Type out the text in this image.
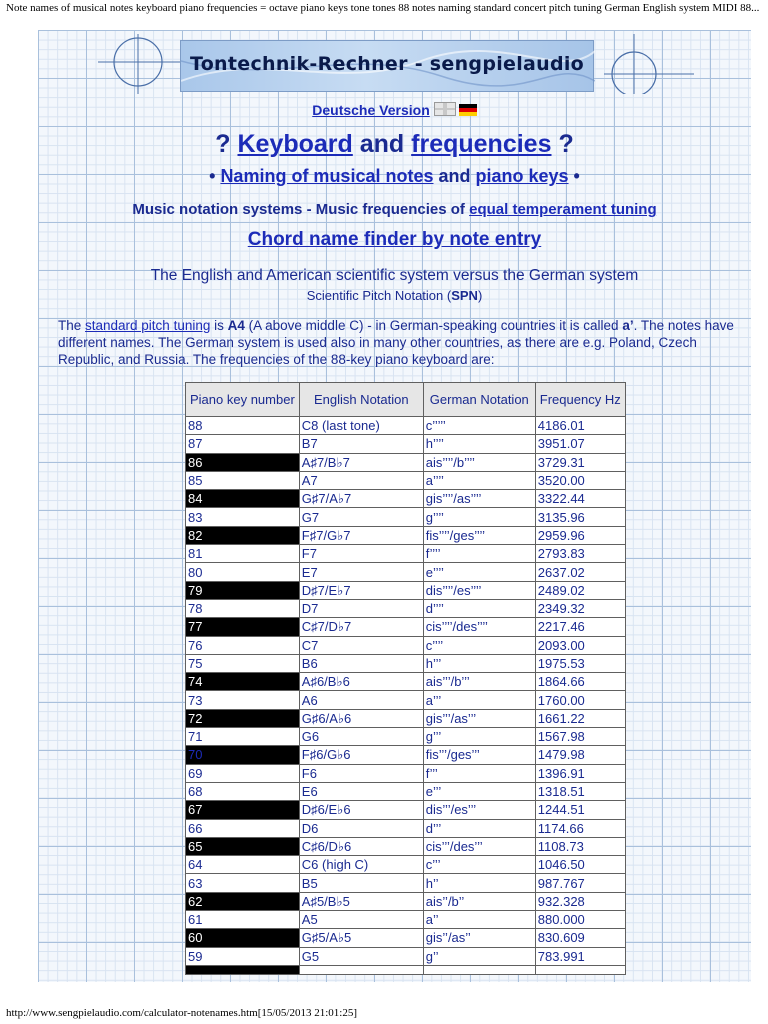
Note names of musical notes keyboard piano frequencies = octave piano keys tone tones 88 notes naming standard concert pitch tuning German English system MIDI 88...
Tontechnik-Rechner - sengpielaudio
Deutsche Version
? Keyboard and frequencies ?
• Naming of musical notes and piano keys •
Music notation systems - Music frequencies of equal temperament tuning
Chord name finder by note entry
The English and American scientific system versus the German system
Scientific Pitch Notation (SPN)
The standard pitch tuning is A4 (A above middle C) - in German-speaking countries it is called a’. The notes have different names. The German system is used also in many other countries, as there are e.g. Poland, Czech Republic, and Russia. The frequencies of the 88-key piano keyboard are:
Piano key number	English Notation	German Notation	Frequency Hz
88	C8 (last tone)	c’’’’’	4186.01
87	B7	h’’’’	3951.07
86	A♯7/B♭7	ais’’’’/b’’’’	3729.31
85	A7	a’’’’	3520.00
84	G♯7/A♭7	gis’’’’/as’’’’	3322.44
83	G7	g’’’’	3135.96
82	F♯7/G♭7	fis’’’’/ges’’’’	2959.96
81	F7	f’’’’	2793.83
80	E7	e’’’’	2637.02
79	D♯7/E♭7	dis’’’’/es’’’’	2489.02
78	D7	d’’’’	2349.32
77	C♯7/D♭7	cis’’’’/des’’’’	2217.46
76	C7	c’’’’	2093.00
75	B6	h’’’	1975.53
74	A♯6/B♭6	ais’’’/b’’’	1864.66
73	A6	a’’’	1760.00
72	G♯6/A♭6	gis’’’/as’’’	1661.22
71	G6	g’’’	1567.98
70	F♯6/G♭6	fis’’’/ges’’’	1479.98
69	F6	f’’’	1396.91
68	E6	e’’’	1318.51
67	D♯6/E♭6	dis’’’/es’’’	1244.51
66	D6	d’’’	1174.66
65	C♯6/D♭6	cis’’’/des’’’	1108.73
64	C6 (high C)	c’’’	1046.50
63	B5	h’’	987.767
62	A♯5/B♭5	ais’’/b’’	932.328
61	A5	a’’	880.000
60	G♯5/A♭5	gis’’/as’’	830.609
59	G5	g’’	783.991

http://www.sengpielaudio.com/calculator-notenames.htm[15/05/2013 21:01:25]
